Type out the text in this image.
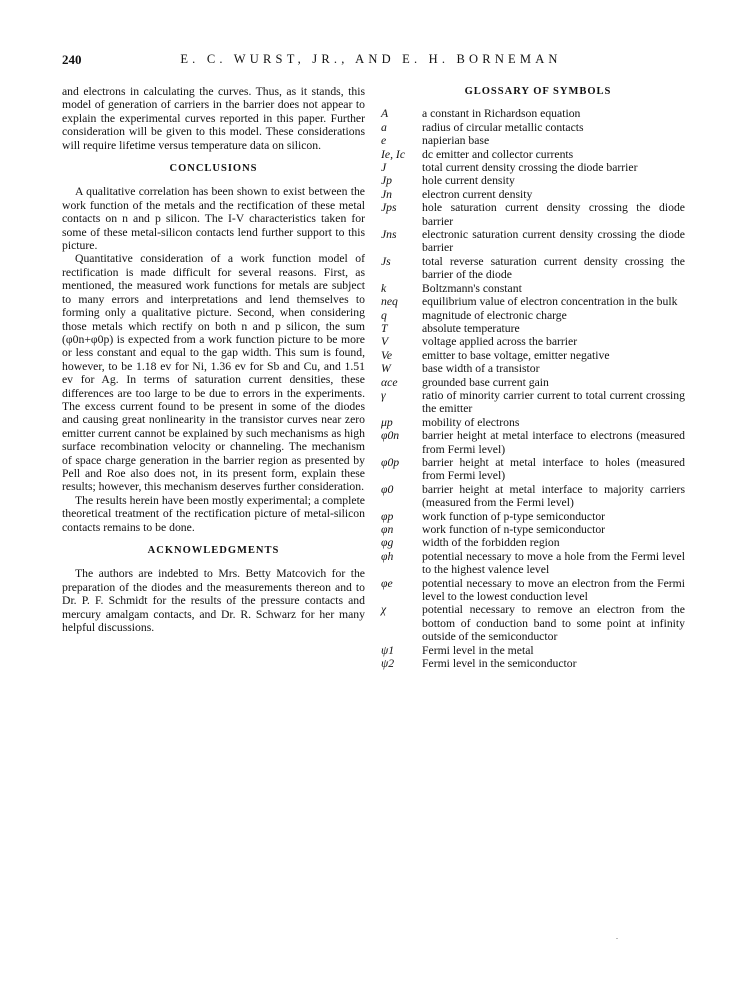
240	E. C. WURST, JR., AND E. H. BORNEMAN

and electrons in calculating the curves. Thus, as it stands, this model of generation of carriers in the barrier does not appear to explain the experimental curves reported in this paper. Further consideration will be given to this model. These considerations will require lifetime versus temperature data on silicon.

CONCLUSIONS

A qualitative correlation has been shown to exist between the work function of the metals and the rectification of these metal contacts on n and p silicon. The I-V characteristics taken for some of these metal-silicon contacts lend further support to this picture.

Quantitative consideration of a work function model of rectification is made difficult for several reasons. First, as mentioned, the measured work functions for metals are subject to many errors and interpretations and lend themselves to forming only a qualitative picture. Second, when considering those metals which rectify on both n and p silicon, the sum (φ0n+φ0p) is expected from a work function picture to be more or less constant and equal to the gap width. This sum is found, however, to be 1.18 ev for Ni, 1.36 ev for Sb and Cu, and 1.51 ev for Ag. In terms of saturation current densities, these differences are too large to be due to errors in the experiments. The excess current found to be present in some of the diodes and causing great nonlinearity in the transistor curves near zero emitter current cannot be explained by such mechanisms as high surface recombination velocity or channeling. The mechanism of space charge generation in the barrier region as presented by Pell and Roe also does not, in its present form, explain these results; however, this mechanism deserves further consideration.

The results herein have been mostly experimental; a complete theoretical treatment of the rectification picture of metal-silicon contacts remains to be done.

ACKNOWLEDGMENTS

The authors are indebted to Mrs. Betty Matcovich for the preparation of the diodes and the measurements thereon and to Dr. P. F. Schmidt for the results of the pressure contacts and mercury amalgam contacts, and Dr. R. Schwarz for her many helpful discussions.

GLOSSARY OF SYMBOLS
A	a constant in Richardson equation
a	radius of circular metallic contacts
e	napierian base
Ie, Ic dc emitter and collector currents
J	total current density crossing the diode barrier
Jp	hole current density
Jn	electron current density
Jps hole saturation current density crossing the diode barrier
Jns electronic saturation current density crossing the diode barrier
Js	total reverse saturation current density crossing the barrier of the diode
k	Boltzmann's constant
neq equilibrium value of electron concentration in the bulk
q	magnitude of electronic charge
T	absolute temperature
V	voltage applied across the barrier
Ve	emitter to base voltage, emitter negative
W	base width of a transistor
αce grounded base current gain
γ	ratio of minority carrier current to total current crossing the emitter
μp	mobility of electrons
φ0n barrier height at metal interface to electrons (measured from Fermi level)
φ0p barrier height at metal interface to holes (measured from Fermi level)
φ0 barrier height at metal interface to majority carriers (measured from the Fermi level)
φp work function of p-type semiconductor
φn work function of n-type semiconductor
φg width of the forbidden region
φh potential necessary to move a hole from the Fermi level to the highest valence level
φe	potential necessary to move an electron from the Fermi level to the lowest conduction level
χ	potential necessary to remove an electron from the bottom of conduction band to some point at infinity outside of the semiconductor
ψ1 Fermi level in the metal
ψ2 Fermi level in the semiconductor
